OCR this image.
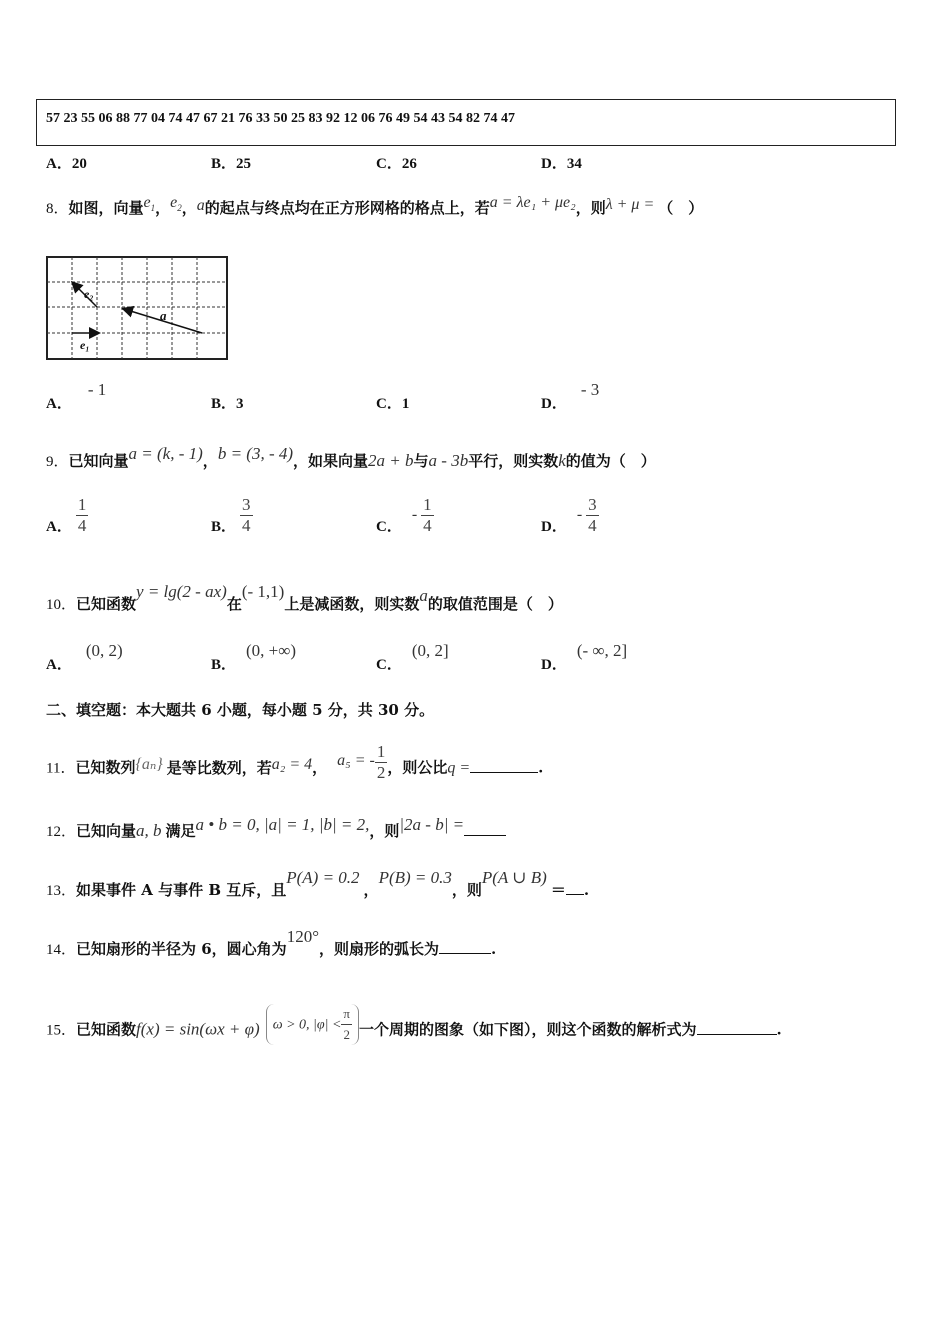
57 23 55 06 88 77 04 74 47 67 21 76 33 50 25 83 92 12 06 76 49 54 43 54 82 74 47
A．20	B．25	C．26	D．34
8．如图，向量$e_1$，$e_2$，a的起点与终点均在正方形网格的格点上，若a = λe₁ + μe₂，则λ + μ = （　）
e₁
e₂
a
A．- 1
B．3	C．1	D．- 3
9．已知向量a = (k, - 1)，b = (3, - 4)，如果向量2a + b与a - 3b平行，则实数k的值为（　）
A． $\frac{1}{4}$	B． $\frac{3}{4}$	C．- $\frac{1}{4}$	D．- $\frac{3}{4}$
10．已知函数y = lg(2 - ax)在(- 1,1)上是减函数，则实数a的取值范围是（　）
A．(0, 2)
B．(0, +∞)
C．(0, 2]
D．(- ∞, 2]
二、填空题：本大题共 6 小题，每小题 5 分，共 30 分。
11．已知数列{aₙ} 是等比数列，若a₂ = 4， a₅ = - $\frac{1}{2}$ ，则公比q =	.
12．已知向量a, b 满足a • b = 0, |a| = 1, |b| = 2,，则|2a - b| =
13．如果事件 A 与事件 B 互斥，且P(A) = 0.2，P(B) = 0.3，则P(A ∪ B)＝ .
14．已知扇形的半径为 6，圆心角为120°，则扇形的弧长为	.
15．已知函数f(x) = sin(ωx + φ) ω > 0, $|\varphi| < \frac{\pi}{2}$ 一个周期的图象（如下图），则这个函数的解析式为	.
